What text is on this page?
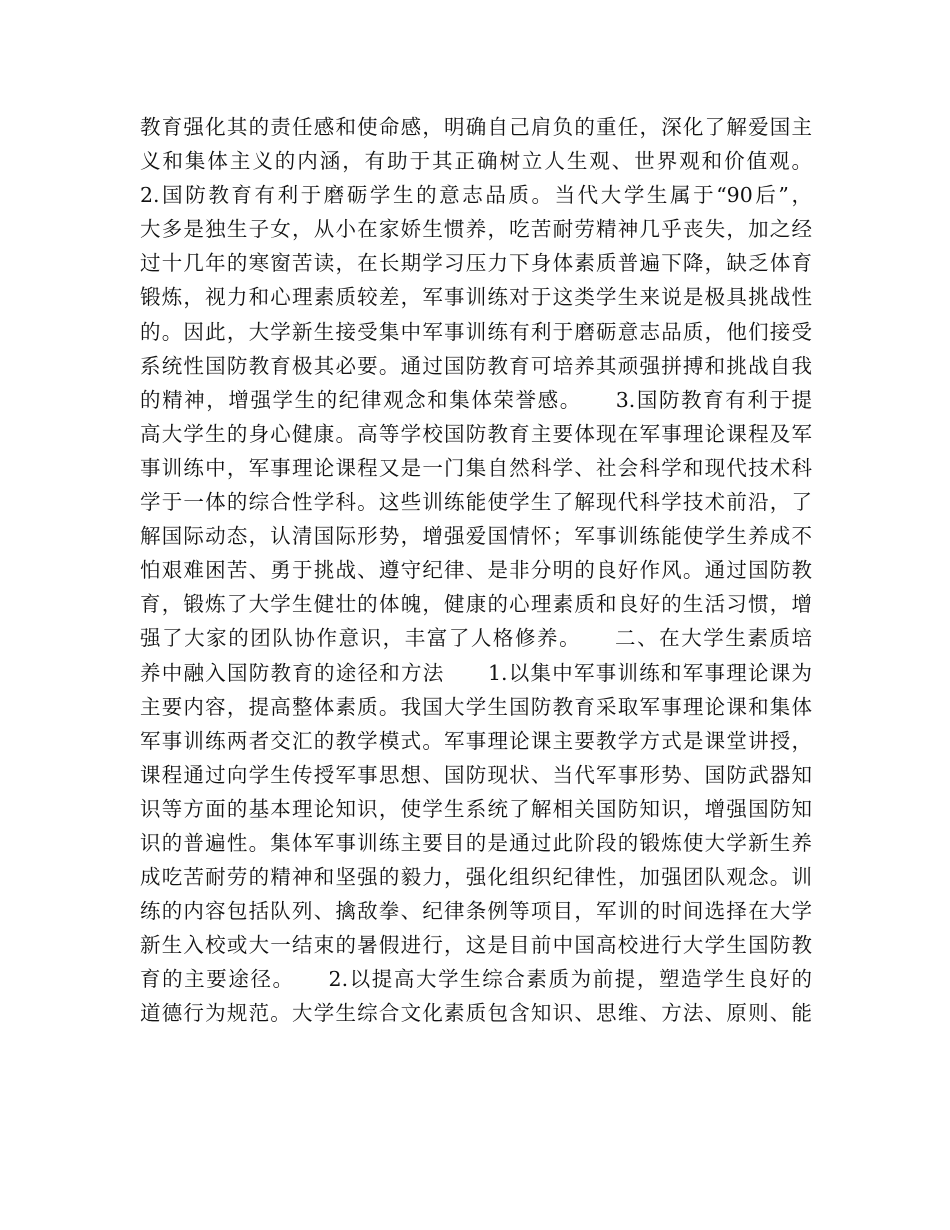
教育强化其的责任感和使命感，明确自己肩负的重任，深化了解爱国主
义和集体主义的内涵，有助于其正确树立人生观、世界观和价值观。
2.国防教育有利于磨砺学生的意志品质。当代大学生属于“90后”，
大多是独生子女，从小在家娇生惯养，吃苦耐劳精神几乎丧失，加之经
过十几年的寒窗苦读，在长期学习压力下身体素质普遍下降，缺乏体育
锻炼，视力和心理素质较差，军事训练对于这类学生来说是极具挑战性
的。因此，大学新生接受集中军事训练有利于磨砺意志品质，他们接受
系统性国防教育极其必要。通过国防教育可培养其顽强拼搏和挑战自我
的精神，增强学生的纪律观念和集体荣誉感。　　3.国防教育有利于提
高大学生的身心健康。高等学校国防教育主要体现在军事理论课程及军
事训练中，军事理论课程又是一门集自然科学、社会科学和现代技术科
学于一体的综合性学科。这些训练能使学生了解现代科学技术前沿，了
解国际动态，认清国际形势，增强爱国情怀；军事训练能使学生养成不
怕艰难困苦、勇于挑战、遵守纪律、是非分明的良好作风。通过国防教
育，锻炼了大学生健壮的体魄，健康的心理素质和良好的生活习惯，增
强了大家的团队协作意识，丰富了人格修养。　　二、在大学生素质培
养中融入国防教育的途径和方法　　1.以集中军事训练和军事理论课为
主要内容，提高整体素质。我国大学生国防教育采取军事理论课和集体
军事训练两者交汇的教学模式。军事理论课主要教学方式是课堂讲授，
课程通过向学生传授军事思想、国防现状、当代军事形势、国防武器知
识等方面的基本理论知识，使学生系统了解相关国防知识，增强国防知
识的普遍性。集体军事训练主要目的是通过此阶段的锻炼使大学新生养
成吃苦耐劳的精神和坚强的毅力，强化组织纪律性，加强团队观念。训
练的内容包括队列、擒敌拳、纪律条例等项目，军训的时间选择在大学
新生入校或大一结束的暑假进行，这是目前中国高校进行大学生国防教
育的主要途径。　　2.以提高大学生综合素质为前提，塑造学生良好的
道德行为规范。大学生综合文化素质包含知识、思维、方法、原则、能
